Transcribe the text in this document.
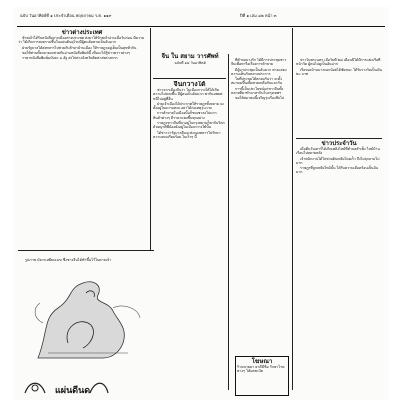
ฉบับ วันอาทิตย์ที่ ๑ ประจำเดือน พฤษภาคม ร.ศ. ๑๑๙	ปีที่ ๑ เล่ม ๔๒ หน้า ๓
ข่าวต่างประเทศ

ข้าพเจ้าได้รับหนังสือจากเมืองต่างประเทศ ส่งมาให้ข้าพเจ้าอ่านเมื่อวันก่อน มีความว่า ได้เกิดการสงครามขึ้นในแผ่นดินยุโรปมีผู้คนล้มตายเป็นอันมาก

ฝ่ายรัฐบาลได้ส่งทหารไปช่วยกันรักษาบ้านเมือง ให้ราษฎรอยู่เย็นเป็นสุขทั่วกัน

ขอให้ท่านทั้งหลายจงช่วยกันอ่านหนังสือพิมพ์นี้ เพื่อจะได้รู้ข่าวคราวต่างๆ

ราคาหนังสือพิมพ์ฉบับละ ๑ อัฐ ส่งไปต่างจังหวัดคิดค่าส่งต่างหาก

รูปภาพ มังกรเหยียบเมฆ ซึ่งช่างจีนได้ทำขึ้นไว้ในศาลเจ้า
จีน ใน สยาม วารศัพท์
ฉบับที่ ๑๔ วันอาทิตย์
จีนกวางใต้

ข่าวจากเมืองจีนว่า ในเมืองกวางใต้ได้เกิดความไม่สงบขึ้น มีผู้คนเป็นอันมาก พากันอพยพหนีไปอยู่ที่อื่น

ฝ่ายเจ้าเมืองได้ประกาศให้ราษฎรทั้งหลาย จงตั้งอยู่ในความสงบ อย่าได้ก่อเหตุวุ่นวาย

การค้าขายในเมืองนั้นก็ซบเซาลงไปมาก สินค้าต่างๆ มีราคาแพงขึ้นทุกอย่าง

ราษฎรชาวจีนที่มาอยู่ในกรุงสยามก็พากันวิตก ด้วยญาติพี่น้องยังอยู่ในเมืองกวางใต้นั้น

ได้ข่าวว่ารัฐบาลจีนจะส่งกองทหารไปรักษาความสงบเรียบร้อย ในเร็วๆ นี้

ที่ตำบลบางรัก ได้มีการประชุมชาวจีนเพื่อหารือเรื่องการค้าขาย

มีผู้มาประชุมเป็นอันมาก ต่างแสดงความเห็นกันหลายประการ

ในที่ประชุมได้ตกลงกันว่า จะตั้งสมาคมขึ้นเพื่อช่วยเหลือกันและกัน

การนี้เป็นประโยชน์แก่ชาวจีนทั้งหลายที่มาทำมาหากินในกรุงเทพฯ

ขอให้สมาคมนี้เจริญรุ่งเรืองสืบไป

โฆษณา
ร้านขายยา ยาดีมีชื่อ รักษาโรคต่างๆ ได้ผลชะงัด

ข่าวในพระนคร เมื่อวันที่ ๒๘ เดือนนี้ได้มีการแข่งเรือที่หน้าวัด ผู้คนไปดูเป็นอันมาก

เรือของบ้านบางกอกน้อยได้ชัยชนะ ได้รับรางวัลเป็นเงิน ๒๐ บาท

ข่าวประจำวัน

เมื่อคืนวันเสาร์ได้เกิดเพลิงไหม้ที่ตำบลสำเพ็ง ไหม้บ้านเรือนไปหลายหลัง

เจ้าพนักงานได้ไปช่วยดับเพลิงโดยเร็ว จึงไม่ลุกลามไปมาก

ราษฎรที่ถูกเพลิงไหม้นั้น ได้รับความเดือดร้อนเป็นอันมาก

แผ่นดีนด
